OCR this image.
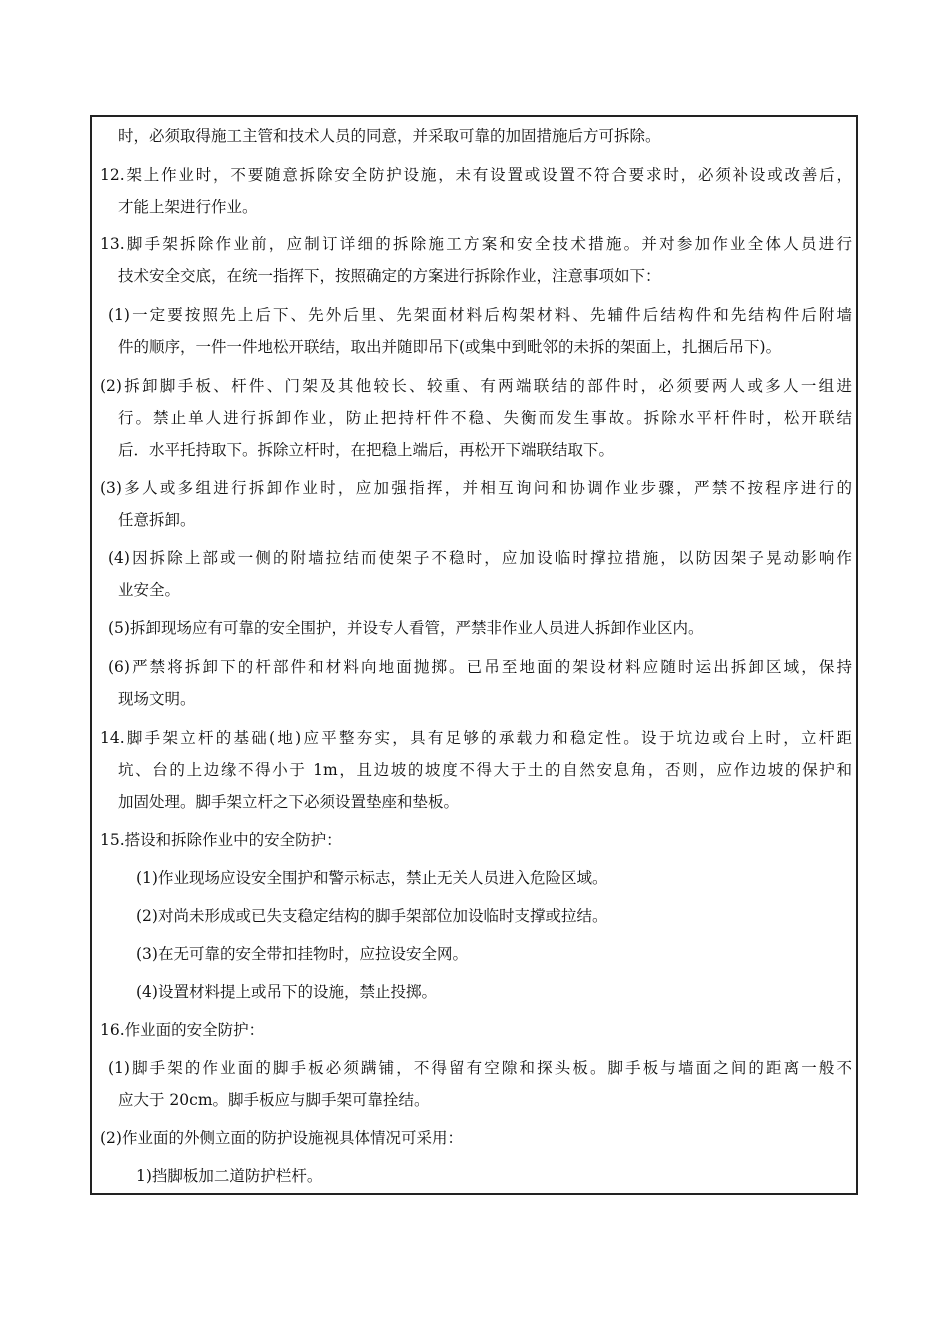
时，必须取得施工主管和技术人员的同意，并采取可靠的加固措施后方可拆除。
12.架上作业时，不要随意拆除安全防护设施，未有设置或设置不符合要求时，必须补设或改善后，
才能上架进行作业。
13.脚手架拆除作业前，应制订详细的拆除施工方案和安全技术措施。并对参加作业全体人员进行
技术安全交底，在统一指挥下，按照确定的方案进行拆除作业，注意事项如下：
(1)一定要按照先上后下、先外后里、先架面材料后构架材料、先辅件后结构件和先结构件后附墙
件的顺序，一件一件地松开联结，取出并随即吊下(或集中到毗邻的未拆的架面上，扎捆后吊下)。
(2)拆卸脚手板、杆件、门架及其他较长、较重、有两端联结的部件时，必须要两人或多人一组进
行。禁止单人进行拆卸作业，防止把持杆件不稳、失衡而发生事故。拆除水平杆件时，松开联结
后．水平托持取下。拆除立杆时，在把稳上端后，再松开下端联结取下。
(3)多人或多组进行拆卸作业时，应加强指挥，并相互询问和协调作业步骤，严禁不按程序进行的
任意拆卸。
(4)因拆除上部或一侧的附墙拉结而使架子不稳时，应加设临时撑拉措施，以防因架子晃动影响作
业安全。
(5)拆卸现场应有可靠的安全围护，并设专人看管，严禁非作业人员进人拆卸作业区内。
(6)严禁将拆卸下的杆部件和材料向地面抛掷。已吊至地面的架设材料应随时运出拆卸区域，保持
现场文明。
14.脚手架立杆的基础(地)应平整夯实，具有足够的承载力和稳定性。设于坑边或台上时，立杆距
坑、台的上边缘不得小于 1m，且边坡的坡度不得大于土的自然安息角，否则，应作边坡的保护和
加固处理。脚手架立杆之下必须设置垫座和垫板。
15.搭设和拆除作业中的安全防护：
(1)作业现场应设安全围护和警示标志，禁止无关人员进入危险区域。
(2)对尚未形成或已失支稳定结构的脚手架部位加设临时支撑或拉结。
(3)在无可靠的安全带扣挂物时，应拉设安全网。
(4)设置材料提上或吊下的设施，禁止投掷。
16.作业面的安全防护：
(1)脚手架的作业面的脚手板必须蹒铺，不得留有空隙和探头板。脚手板与墙面之间的距离一般不
应大于 20cm。脚手板应与脚手架可靠拴结。
(2)作业面的外侧立面的防护设施视具体情况可采用：
1)挡脚板加二道防护栏杆。
